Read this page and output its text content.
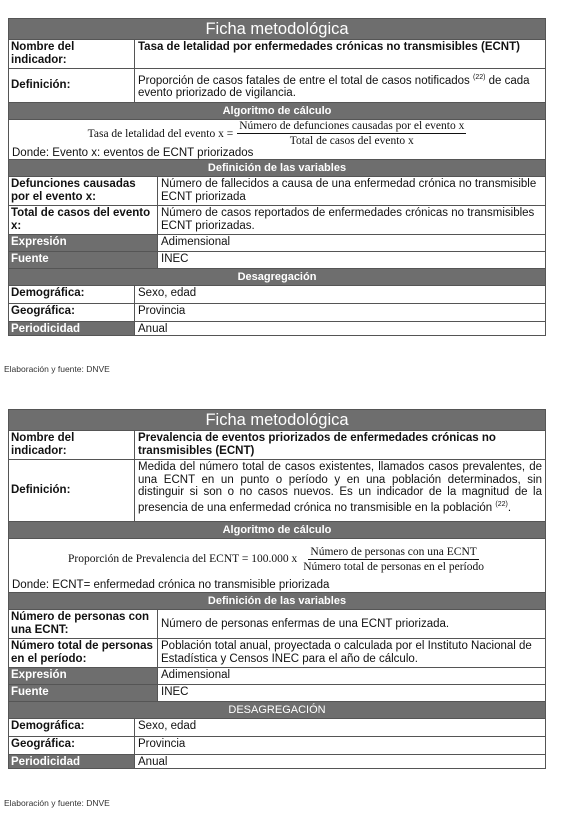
Ficha metodológica
Nombre del indicador:
Tasa de letalidad por enfermedades crónicas no transmisibles (ECNT)
Definición:	Proporción de casos fatales de entre el total de casos notificados $^{(22)}$ de cada evento priorizado de vigilancia.
Algoritmo de cálculo
Tasa de letalidad del evento $x = \frac{\text{Número de defunciones causadas por el evento x}}{\text{Total de casos del evento x}}$
Donde: Evento x: eventos de ECNT priorizados
Definición de las variables
Defunciones causadas por el evento x:
Número de fallecidos a causa de una enfermedad crónica no transmisible ECNT priorizada
Total de casos del evento x:
Número de casos reportados de enfermedades crónicas no transmisibles ECNT priorizadas.
Expresión	Adimensional
Fuente	INEC
Desagregación
Demográfica:	Sexo, edad
Geográfica:	Provincia
Periodicidad	Anual
Elaboración y fuente: DNVE
Ficha metodológica
Nombre del indicador:
Prevalencia de eventos priorizados de enfermedades crónicas no transmisibles (ECNT)
Definición:
Medida del número total de casos existentes, llamados casos prevalentes, de una ECNT en un punto o período y en una población determinados, sin distinguir si son o no casos nuevos. Es un indicador de la magnitud de la presencia de una enfermedad crónica no transmisible en la población $^{(22)}$.
Algoritmo de cálculo
Proporción de Prevalencia del ECNT = 100.000 x $\frac{\text{Número de personas con una ECNT}}{\text{Número total de personas en el período}}$
Donde: ECNT= enfermedad crónica no transmisible priorizada
Definición de las variables
Número de personas con una ECNT:	Número de personas enfermas de una ECNT priorizada.
Número total de personas en el período:
Población total anual, proyectada o calculada por el Instituto Nacional de Estadística y Censos INEC para el año de cálculo.
Expresión	Adimensional
Fuente	INEC
DESAGREGACIÓN
Demográfica:	Sexo, edad
Geográfica:	Provincia
Periodicidad	Anual
Elaboración y fuente: DNVE
